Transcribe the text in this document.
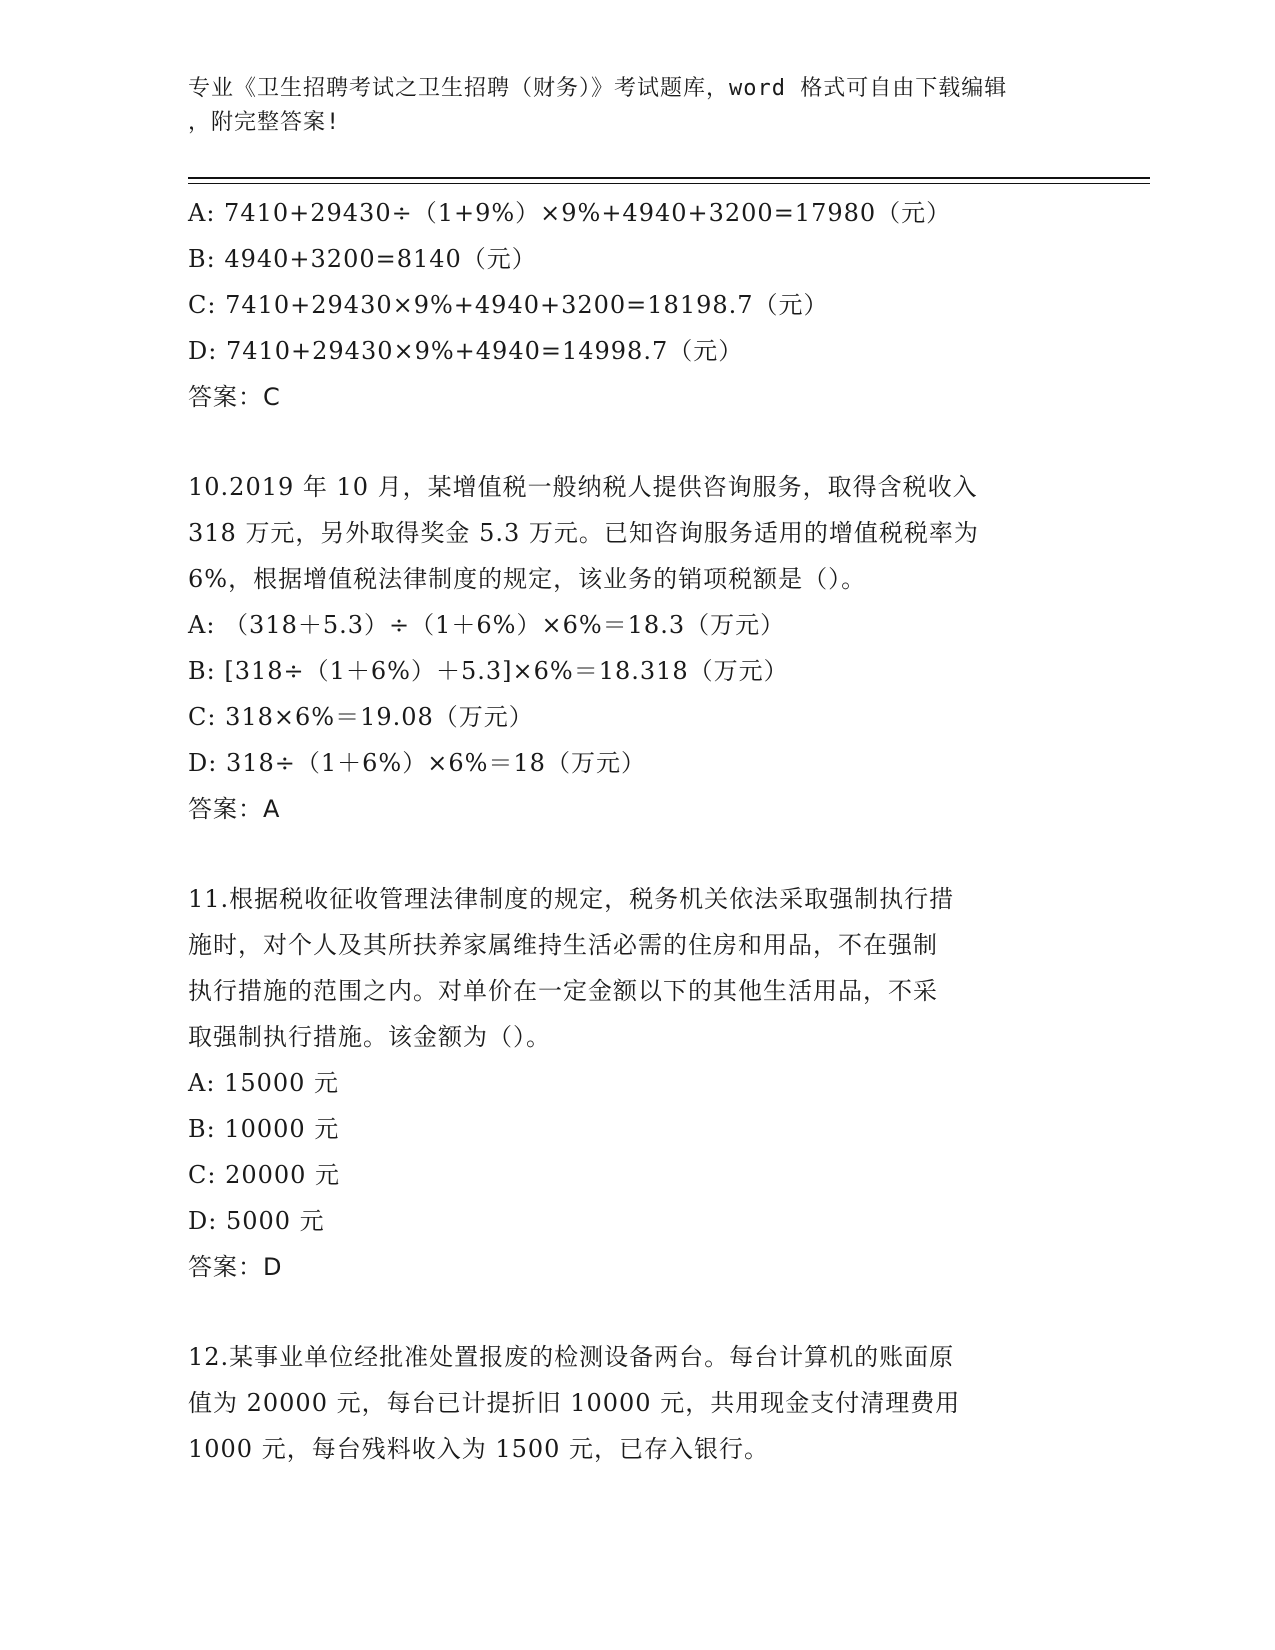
专业《卫生招聘考试之卫生招聘（财务）》考试题库，word 格式可自由下载编辑
，附完整答案!
A: 7410+29430÷（1+9%）×9%+4940+3200=17980（元）
B: 4940+3200=8140（元）
C: 7410+29430×9%+4940+3200=18198.7（元）
D: 7410+29430×9%+4940=14998.7（元）
答案：C
10.2019 年 10 月，某增值税一般纳税人提供咨询服务，取得含税收入
318 万元，另外取得奖金 5.3 万元。已知咨询服务适用的增值税税率为
6%，根据增值税法律制度的规定，该业务的销项税额是（）。
A: （318＋5.3）÷（1＋6%）×6%＝18.3（万元）
B: [318÷（1＋6%）＋5.3]×6%＝18.318（万元）
C: 318×6%＝19.08（万元）
D: 318÷（1＋6%）×6%＝18（万元）
答案：A
11.根据税收征收管理法律制度的规定，税务机关依法采取强制执行措
施时，对个人及其所扶养家属维持生活必需的住房和用品，不在强制
执行措施的范围之内。对单价在一定金额以下的其他生活用品，不采
取强制执行措施。该金额为（）。
A: 15000 元
B: 10000 元
C: 20000 元
D: 5000 元
答案：D
12.某事业单位经批准处置报废的检测设备两台。每台计算机的账面原
值为 20000 元，每台已计提折旧 10000 元，共用现金支付清理费用
1000 元，每台残料收入为 1500 元，已存入银行。
